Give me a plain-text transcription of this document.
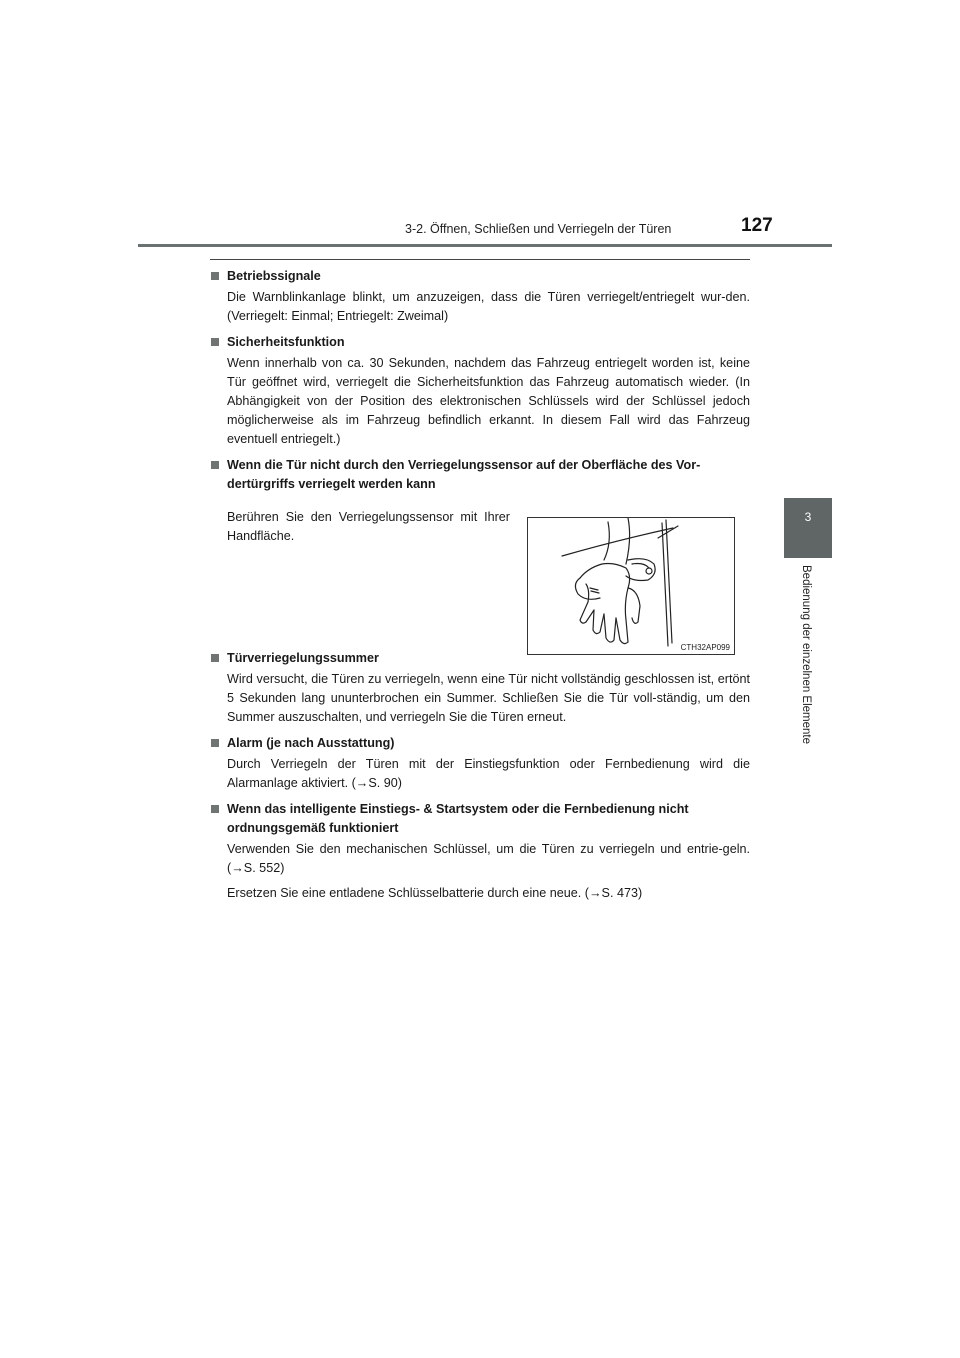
3-2. Öffnen, Schließen und Verriegeln der Türen	127
3
Bedienung der einzelnen Elemente

Betriebssignale

Die Warnblinkanlage blinkt, um anzuzeigen, dass die Türen verriegelt/entriegelt wur-den. (Verriegelt: Einmal; Entriegelt: Zweimal)

Sicherheitsfunktion

Wenn innerhalb von ca. 30 Sekunden, nachdem das Fahrzeug entriegelt worden ist, keine Tür geöffnet wird, verriegelt die Sicherheitsfunktion das Fahrzeug automatisch wieder. (In Abhängigkeit von der Position des elektronischen Schlüssels wird der Schlüssel jedoch möglicherweise als im Fahrzeug befindlich erkannt. In diesem Fall wird das Fahrzeug eventuell entriegelt.)

Wenn die Tür nicht durch den Verriegelungssensor auf der Oberfläche des Vor-dertürgriffs verriegelt werden kann

Berühren Sie den Verriegelungssensor mit Ihrer Handfläche.
CTH32AP099

Türverriegelungssummer

Wird versucht, die Türen zu verriegeln, wenn eine Tür nicht vollständig geschlossen ist, ertönt 5 Sekunden lang ununterbrochen ein Summer. Schließen Sie die Tür voll-ständig, um den Summer auszuschalten, und verriegeln Sie die Türen erneut.

Alarm (je nach Ausstattung)

Durch Verriegeln der Türen mit der Einstiegsfunktion oder Fernbedienung wird die Alarmanlage aktiviert. (→S. 90)

Wenn das intelligente Einstiegs- & Startsystem oder die Fernbedienung nicht ordnungsgemäß funktioniert

Verwenden Sie den mechanischen Schlüssel, um die Türen zu verriegeln und entrie-geln. (→S. 552)

Ersetzen Sie eine entladene Schlüsselbatterie durch eine neue. (→S. 473)
